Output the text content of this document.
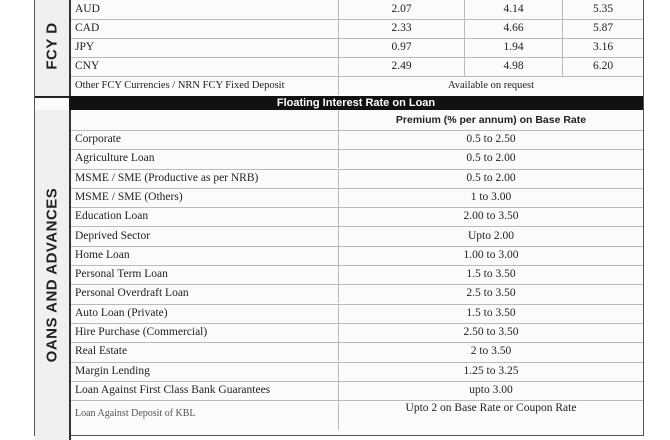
FCY D
AUD	2.07	4.14	5.35
CAD	2.33	4.66	5.87
JPY	0.97	1.94	3.16
CNY	2.49	4.98	6.20
Other FCY Currencies / NRN FCY Fixed Deposit	Available on request
Floating Interest Rate on Loan
OANS AND ADVANCES
Premium (% per annum) on Base Rate
Corporate	0.5 to 2.50
Agriculture Loan	0.5 to 2.00
MSME / SME (Productive as per NRB)	0.5 to 2.00
MSME / SME (Others)	1 to 3.00
Education Loan	2.00 to 3.50
Deprived Sector	Upto 2.00
Home Loan	1.00 to 3.00
Personal Term Loan	1.5 to 3.50
Personal Overdraft Loan	2.5 to 3.50
Auto Loan (Private)	1.5 to 3.50
Hire Purchase (Commercial)	2.50 to 3.50
Real Estate	2 to 3.50
Margin Lending	1.25 to 3.25
Loan Against First Class Bank Guarantees	upto 3.00
Loan Against Deposit of KBL	Upto 2 on Base Rate or Coupon Rate
